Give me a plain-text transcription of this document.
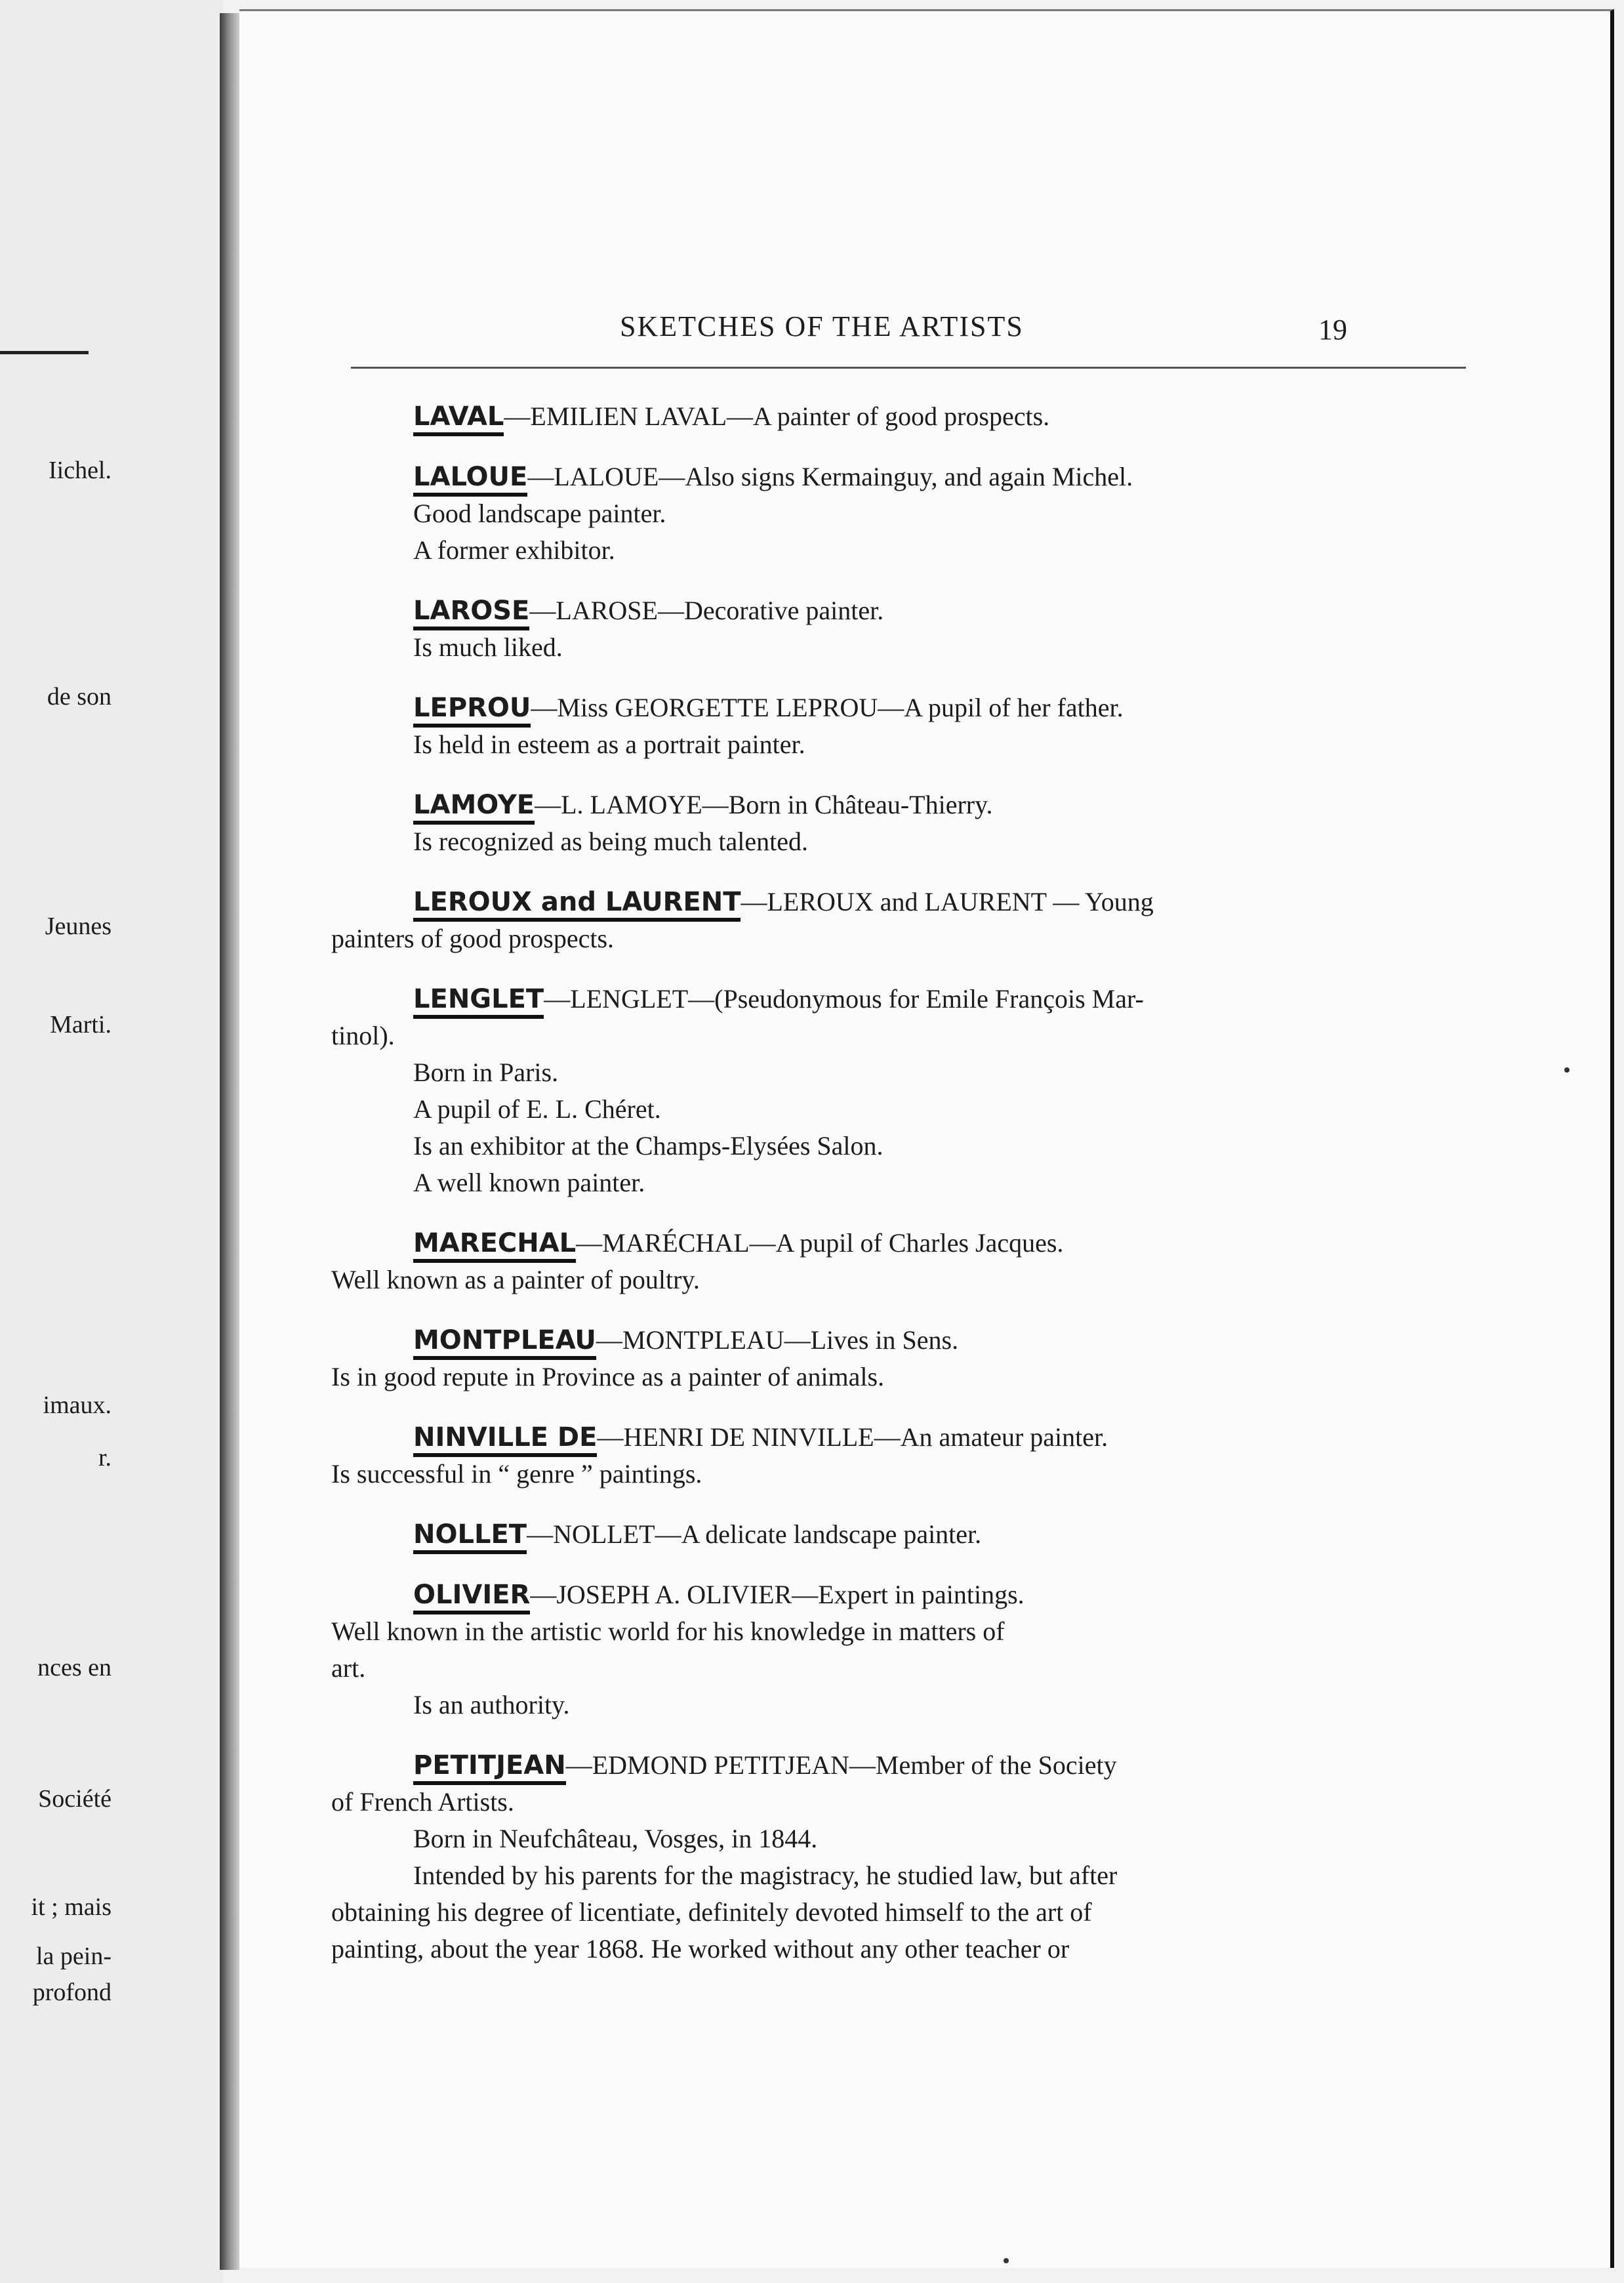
Iichel.
de son
Jeunes
Marti.
imaux.
r.
nces en
Société
it ; mais
la pein-
profond
SKETCHES OF THE ARTISTS	19
LAVAL—EMILIEN LAVAL—A painter of good prospects.
LALOUE—LALOUE—Also signs Kermainguy, and again Michel.
Good landscape painter.
A former exhibitor.
LAROSE—LAROSE—Decorative painter.
Is much liked.
LEPROU—Miss GEORGETTE LEPROU—A pupil of her father.
Is held in esteem as a portrait painter.
LAMOYE—L. LAMOYE—Born in Château-Thierry.
Is recognized as being much talented.
LEROUX and LAURENT—LEROUX and LAURENT — Young
painters of good prospects.
LENGLET—LENGLET—(Pseudonymous for Emile François Mar-
tinol).
Born in Paris.
A pupil of E. L. Chéret.
Is an exhibitor at the Champs-Elysées Salon.
A well known painter.
MARECHAL—MARÉCHAL—A pupil of Charles Jacques.
Well known as a painter of poultry.
MONTPLEAU—MONTPLEAU—Lives in Sens.
Is in good repute in Province as a painter of animals.
NINVILLE DE—HENRI DE NINVILLE—An amateur painter.
Is successful in “ genre ” paintings.
NOLLET—NOLLET—A delicate landscape painter.
OLIVIER—JOSEPH A. OLIVIER—Expert in paintings.
Well known in the artistic world for his knowledge in matters of
art.
Is an authority.
PETITJEAN—EDMOND PETITJEAN—Member of the Society
of French Artists.
Born in Neufchâteau, Vosges, in 1844.
Intended by his parents for the magistracy, he studied law, but after
obtaining his degree of licentiate, definitely devoted himself to the art of
painting, about the year 1868. He worked without any other teacher or
